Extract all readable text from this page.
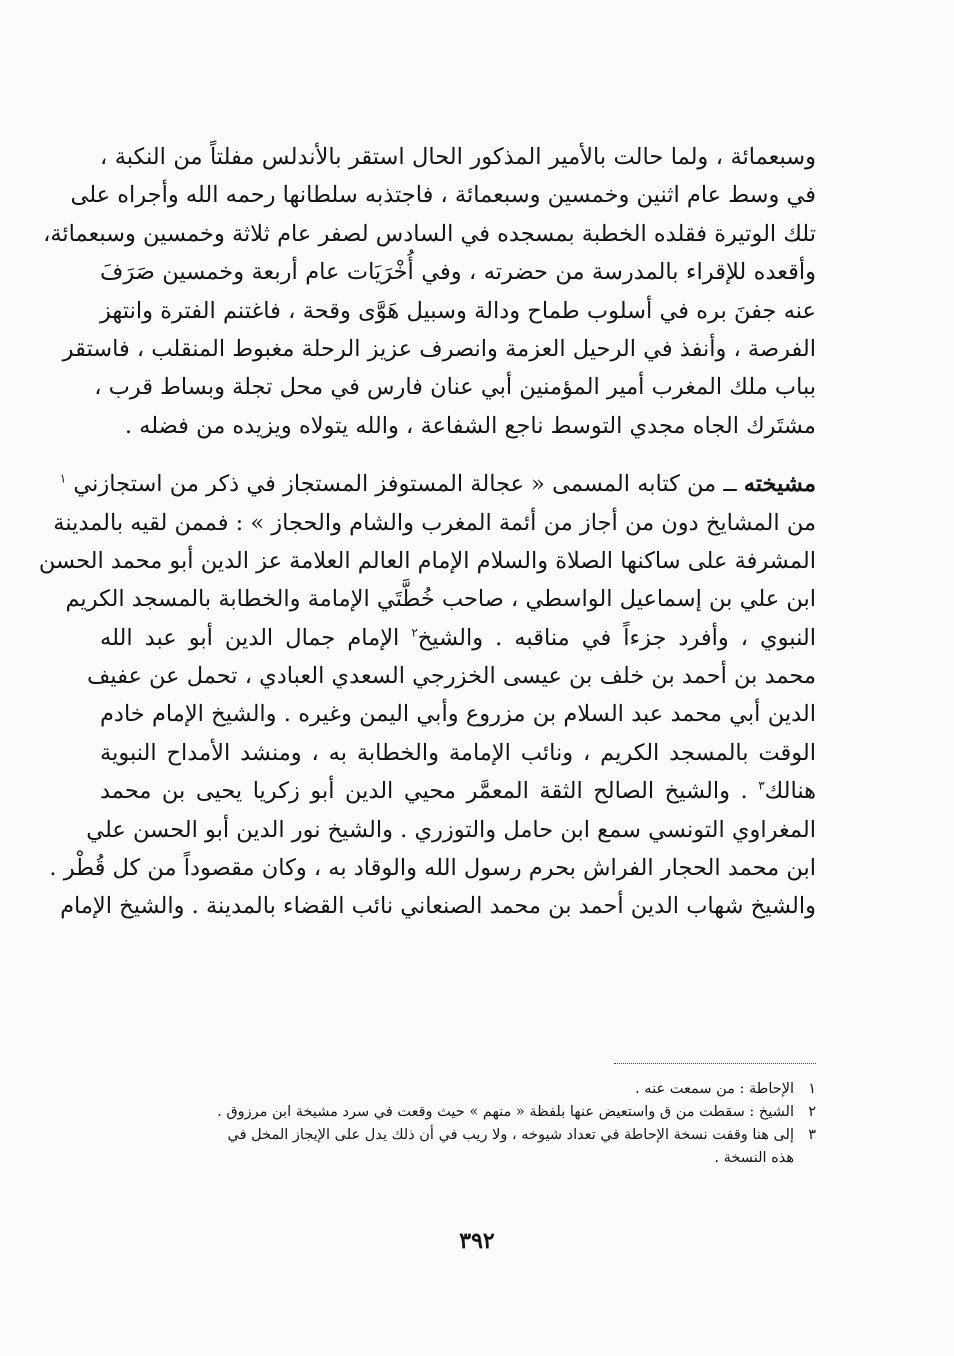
وسبعمائة ، ولما حالت بالأمير المذكور الحال استقر بالأندلس مفلتاً من النكبة ،
في وسط عام اثنين وخمسين وسبعمائة ، فاجتذبه سلطانها رحمه الله وأجراه على
تلك الوتيرة فقلده الخطبة بمسجده في السادس لصفر عام ثلاثة وخمسين وسبعمائة،
وأقعده للإقراء بالمدرسة من حضرته ، وفي أُخْرَيَات عام أربعة وخمسين صَرَفَ
عنه جفنَ بره في أسلوب طماح ودالة وسبيل هَوَّى وقحة ، فاغتنم الفترة وانتهز
الفرصة ، وأنفذ في الرحيل العزمة وانصرف عزيز الرحلة مغبوط المنقلب ، فاستقر
بباب ملك المغرب أمير المؤمنين أبي عنان فارس في محل تجلة وبساط قرب ،
مشتَرك الجاه مجدي التوسط ناجع الشفاعة ، والله يتولاه ويزيده من فضله .
مشيخته ــ من كتابه المسمى « عجالة المستوفز المستجاز في ذكر من استجازني $^١$
من المشايخ دون من أجاز من أئمة المغرب والشام والحجاز » : فممن لقيه بالمدينة
المشرفة على ساكنها الصلاة والسلام الإمام العالم العلامة عز الدين أبو محمد الحسن
ابن علي بن إسماعيل الواسطي ، صاحب خُطَّتَي الإمامة والخطابة بالمسجد الكريم
النبوي ، وأفرد جزءاً في مناقبه . والشيخ$^٢$ الإمام جمال الدين أبو عبد الله
محمد بن أحمد بن خلف بن عيسى الخزرجي السعدي العبادي ، تحمل عن عفيف
الدين أبي محمد عبد السلام بن مزروع وأبي اليمن وغيره . والشيخ الإمام خادم
الوقت بالمسجد الكريم ، ونائب الإمامة والخطابة به ، ومنشد الأمداح النبوية
هنالك$^٣$ . والشيخ الصالح الثقة المعمَّر محيي الدين أبو زكريا يحيى بن محمد
المغراوي التونسي سمع ابن حامل والتوزري . والشيخ نور الدين أبو الحسن علي
ابن محمد الحجار الفراش بحرم رسول الله والوقاد به ، وكان مقصوداً من كل قُطْر .
والشيخ شهاب الدين أحمد بن محمد الصنعاني نائب القضاء بالمدينة . والشيخ الإمام
١الإحاطة : من سمعت عنه .
٢الشيخ : سقطت من ق واستعيض عنها بلفظة « منهم » حيث وقعت في سرد مشيخة ابن مرزوق .
٣إلى هنا وقفت نسخة الإحاطة في تعداد شيوخه ، ولا ريب في أن ذلك يدل على الإيجاز المخل في
هذه النسخة .
٣٩٢
